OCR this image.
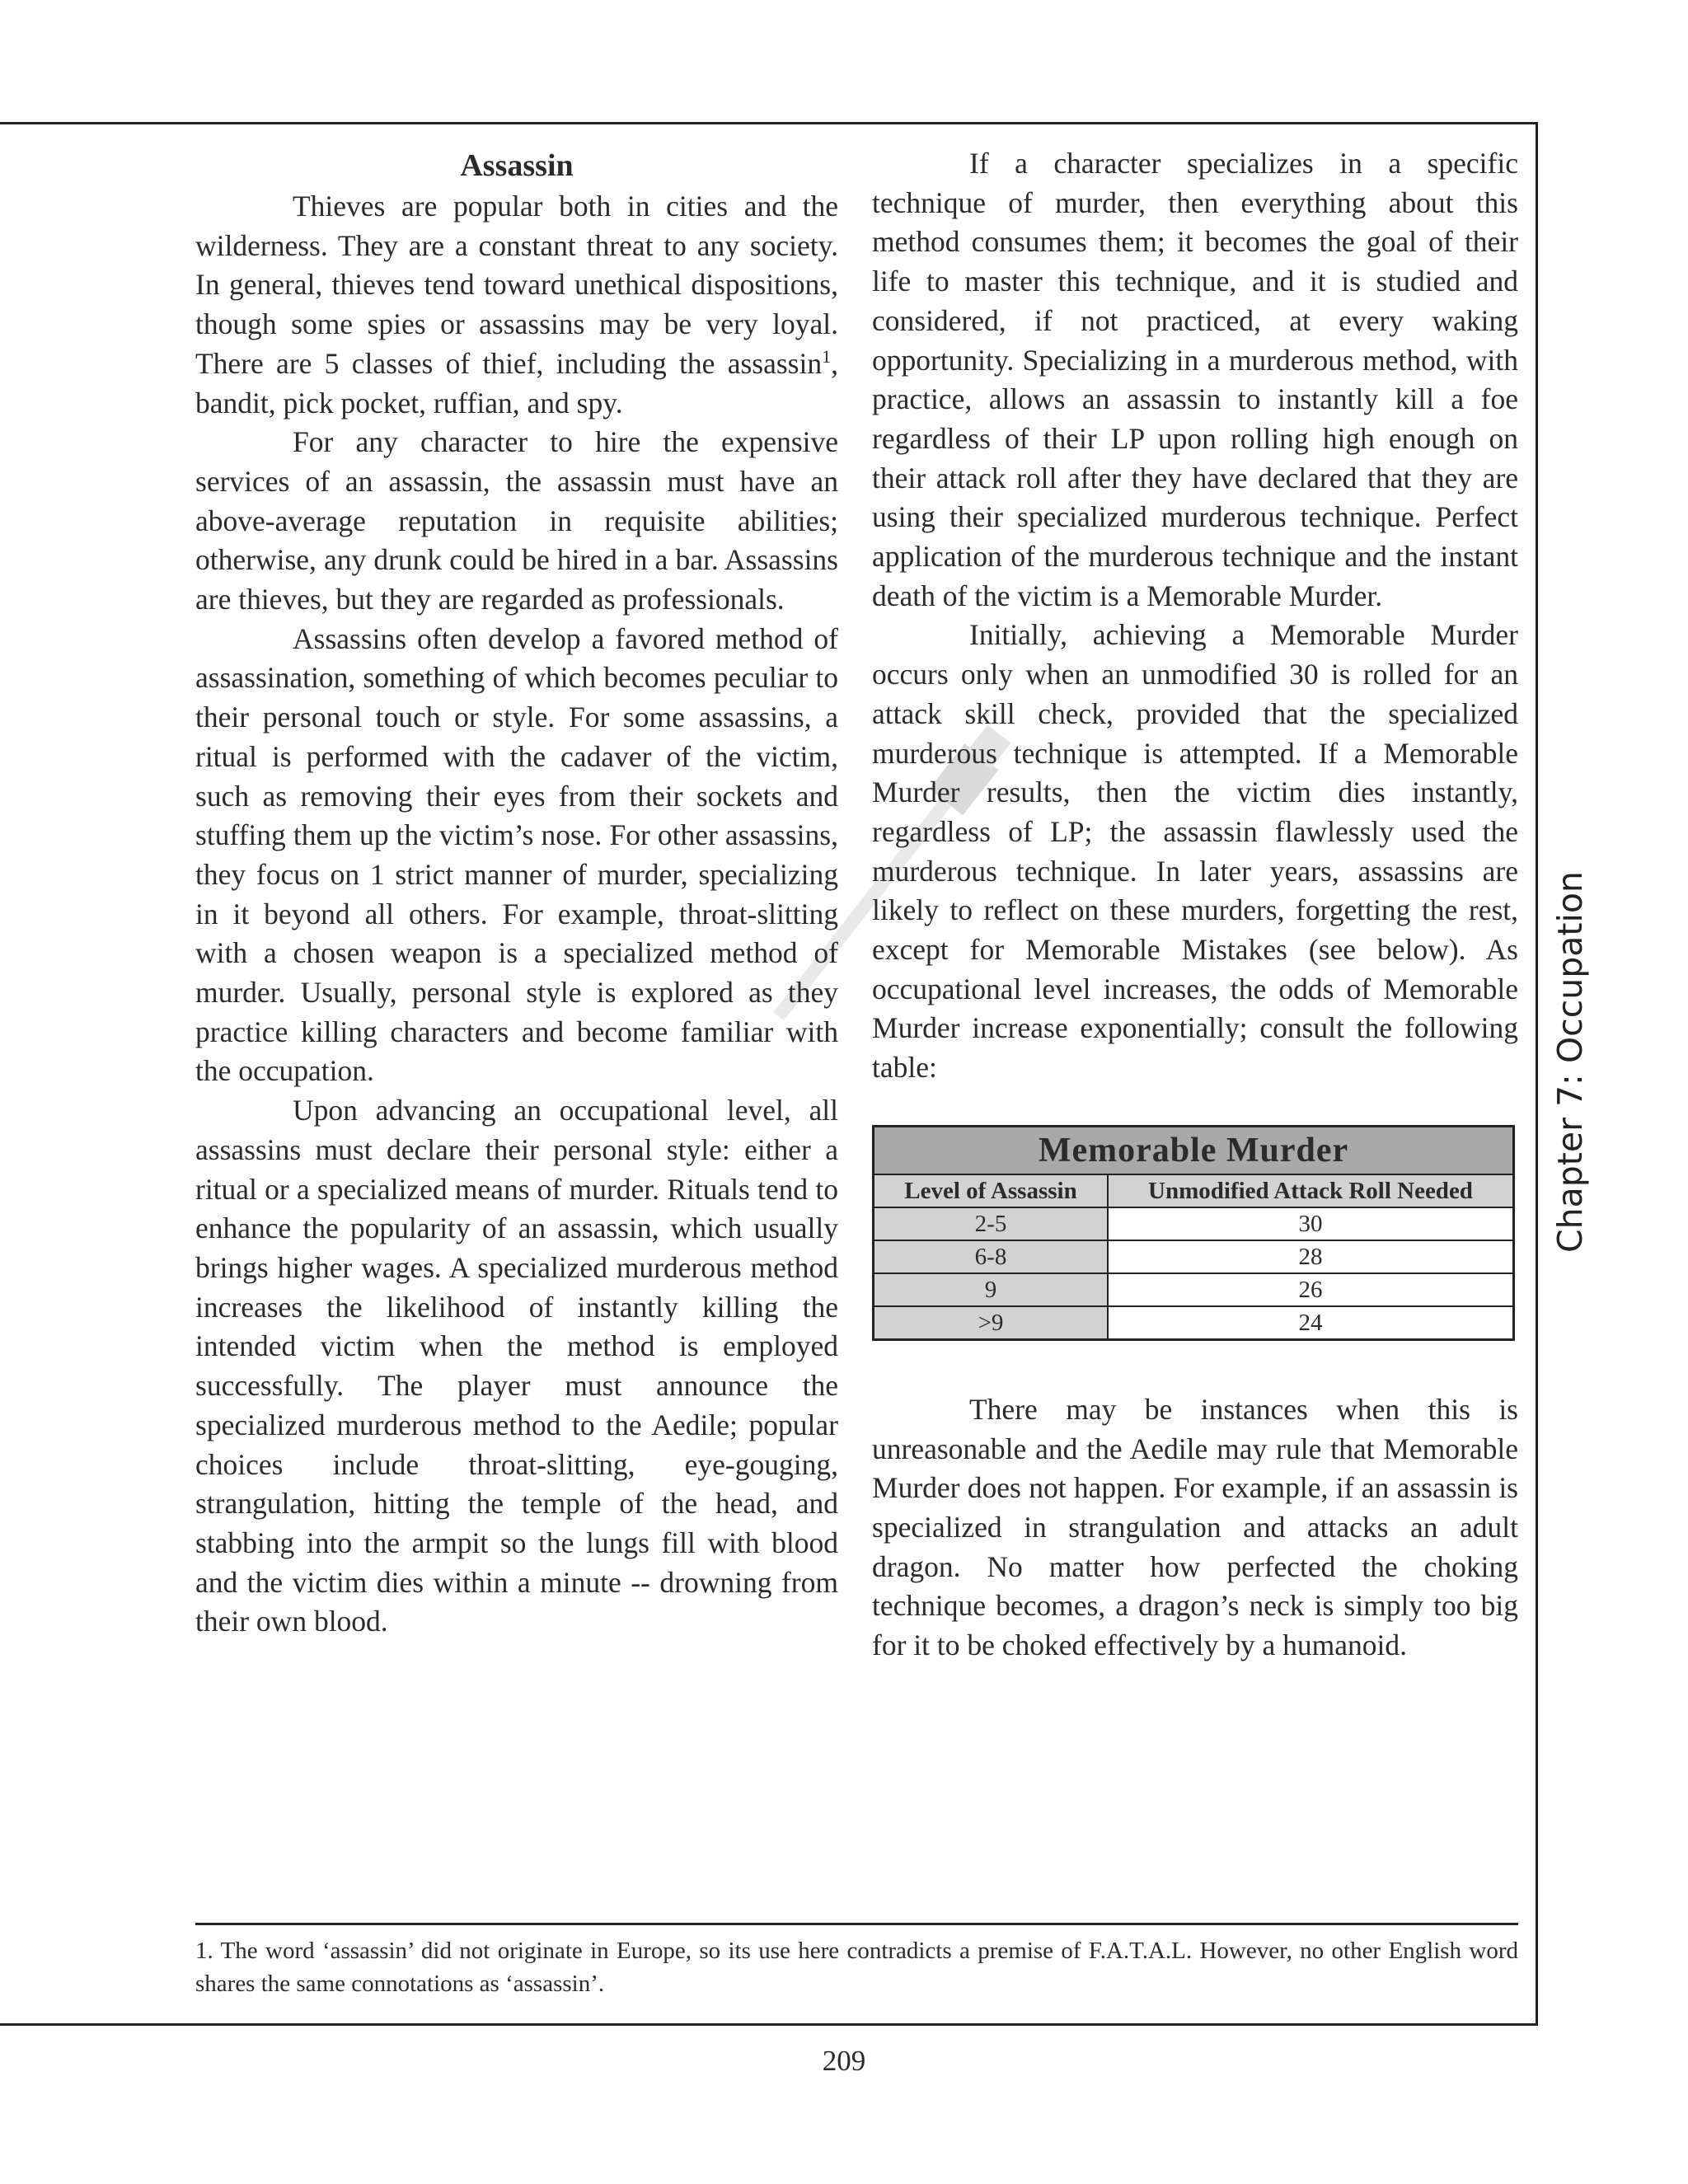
Assassin

Thieves are popular both in cities and the wilderness. They are a constant threat to any society. In general, thieves tend toward unethical dispositions, though some spies or assassins may be very loyal. There are 5 classes of thief, including the assassin$^1$, bandit, pick pocket, ruffian, and spy.

For any character to hire the expensive services of an assassin, the assassin must have an above-average reputation in requisite abilities; otherwise, any drunk could be hired in a bar. Assassins are thieves, but they are regarded as professionals.

Assassins often develop a favored method of assassination, something of which becomes peculiar to their personal touch or style. For some assassins, a ritual is performed with the cadaver of the victim, such as removing their eyes from their sockets and stuffing them up the victim’s nose. For other assassins, they focus on 1 strict manner of murder, specializing in it beyond all others. For example, throat-slitting with a chosen weapon is a specialized method of murder. Usually, personal style is explored as they practice killing characters and become familiar with the occupation.

Upon advancing an occupational level, all assassins must declare their personal style: either a ritual or a specialized means of murder. Rituals tend to enhance the popularity of an assassin, which usually brings higher wages. A specialized murderous method increases the likelihood of instantly killing the intended victim when the method is employed successfully. The player must announce the specialized murderous method to the Aedile; popular choices include throat-slitting, eye-gouging, strangulation, hitting the temple of the head, and stabbing into the armpit so the lungs fill with blood and the victim dies within a minute -- drowning from their own blood.

If a character specializes in a specific technique of murder, then everything about this method consumes them; it becomes the goal of their life to master this technique, and it is studied and considered, if not practiced, at every waking opportunity. Specializing in a murderous method, with practice, allows an assassin to instantly kill a foe regardless of their LP upon rolling high enough on their attack roll after they have declared that they are using their specialized murderous technique. Perfect application of the murderous technique and the instant death of the victim is a Memorable Murder.

Initially, achieving a Memorable Murder occurs only when an unmodified 30 is rolled for an attack skill check, provided that the specialized murderous technique is attempted. If a Memorable Murder results, then the victim dies instantly, regardless of LP; the assassin flawlessly used the murderous technique. In later years, assassins are likely to reflect on these murders, forgetting the rest, except for Memorable Mistakes (see below). As occupational level increases, the odds of Memorable Murder increase exponentially; consult the following table:

Memorable Murder	
Level of Assassin	Unmodified Attack Roll Needed
2-5	30
6-8	28
9	26
>9	24

There may be instances when this is unreasonable and the Aedile may rule that Memorable Murder does not happen. For example, if an assassin is specialized in strangulation and attacks an adult dragon. No matter how perfected the choking technique becomes, a dragon’s neck is simply too big for it to be choked effectively by a humanoid.

Chapter 7: Occupation
1. The word ‘assassin’ did not originate in Europe, so its use here contradicts a premise of F.A.T.A.L. However, no other English word shares the same connotations as ‘assassin’.
209
